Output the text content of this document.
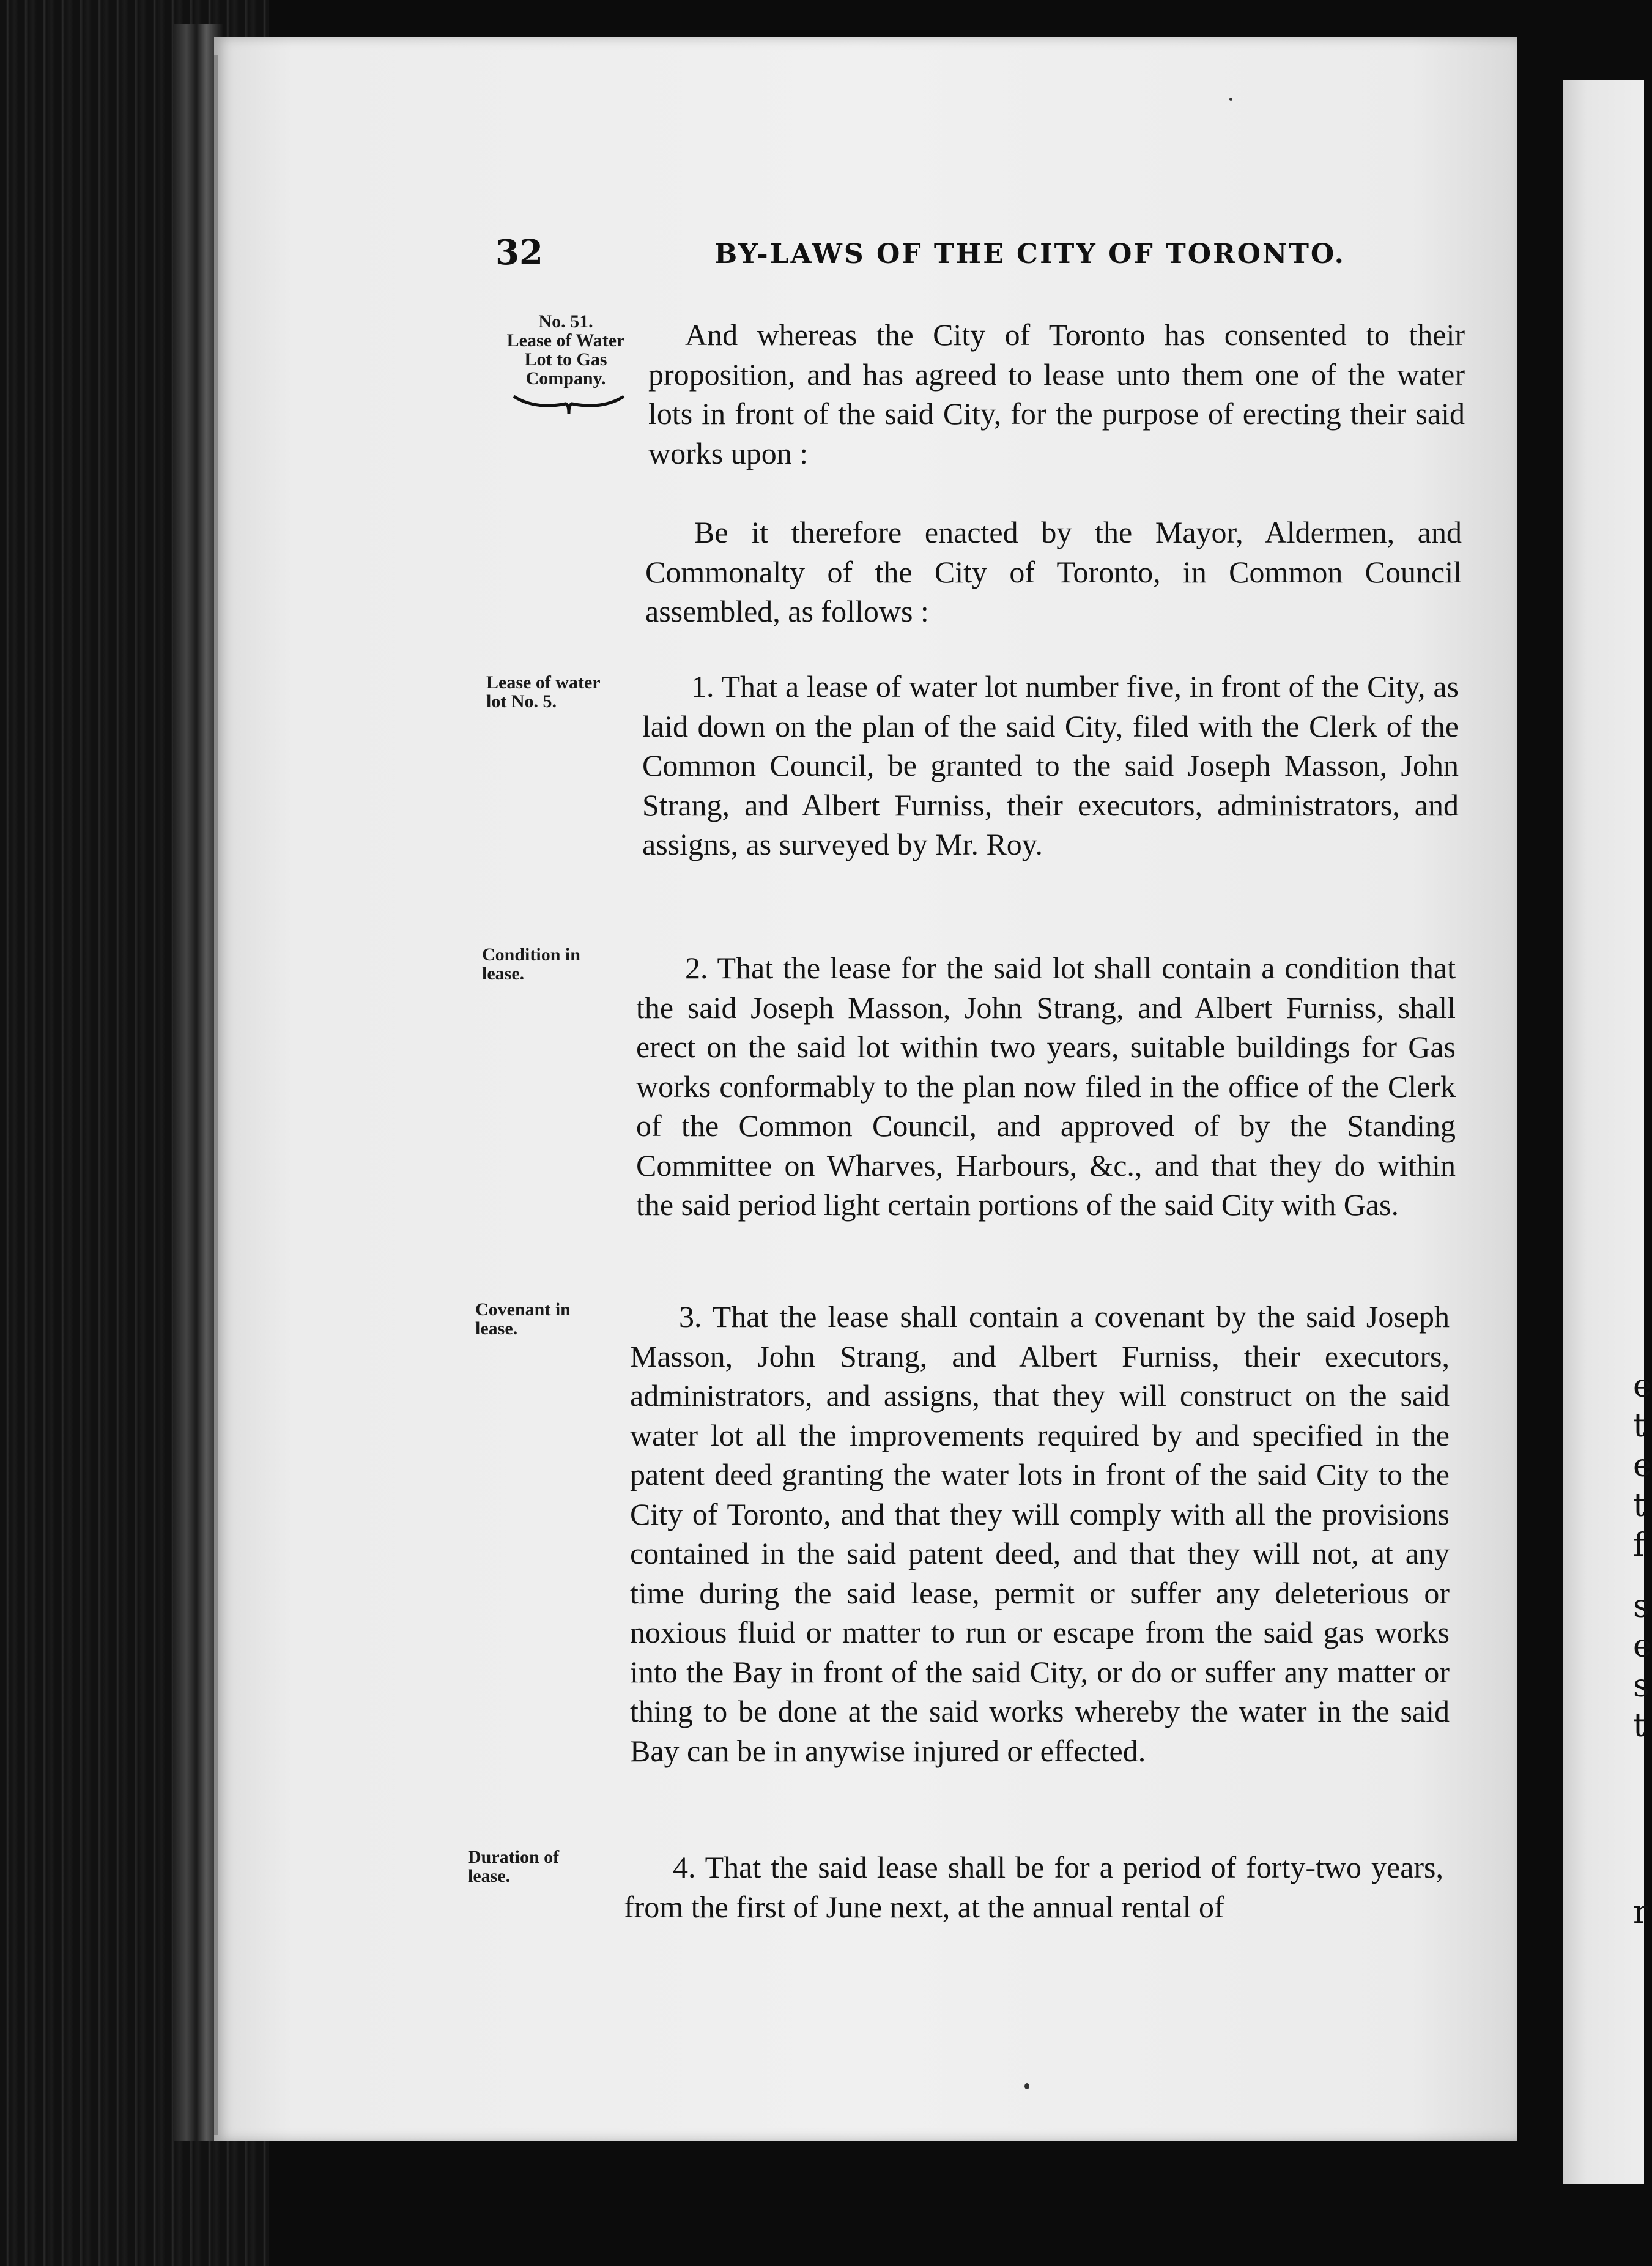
e
t
e
t
f
s
e
s
t
r
32	BY-LAWS OF THE CITY OF TORONTO.
No. 51.
Lease of Water
Lot to Gas
Company.
Lease of water
lot No. 5.
Condition in
lease.
Covenant in
lease.
Duration of
lease.
And whereas the City of Toronto has consented to their proposition, and has agreed to lease unto them one of the water lots in front of the said City, for the purpose of erecting their said works upon :
Be it therefore enacted by the Mayor, Aldermen, and Commonalty of the City of Toronto, in Common Council assembled, as follows :
1. That a lease of water lot number five, in front of the City, as laid down on the plan of the said City, filed with the Clerk of the Common Council, be granted to the said Joseph Masson, John Strang, and Albert Furniss, their executors, administrators, and assigns, as surveyed by Mr. Roy.
2. That the lease for the said lot shall contain a condition that the said Joseph Masson, John Strang, and Albert Furniss, shall erect on the said lot within two years, suitable buildings for Gas works conformably to the plan now filed in the office of the Clerk of the Common Council, and approved of by the Standing Committee on Wharves, Harbours, &c., and that they do within the said period light certain portions of the said City with Gas.
3. That the lease shall contain a covenant by the said Joseph Masson, John Strang, and Albert Furniss, their executors, administrators, and assigns, that they will construct on the said water lot all the improvements required by and specified in the patent deed granting the water lots in front of the said City to the City of Toronto, and that they will comply with all the provisions contained in the said patent deed, and that they will not, at any time during the said lease, permit or suffer any deleterious or noxious fluid or matter to run or escape from the said gas works into the Bay in front of the said City, or do or suffer any matter or thing to be done at the said works whereby the water in the said Bay can be in anywise injured or effected.
4. That the said lease shall be for a period of forty-two years, from the first of June next, at the annual rental of
